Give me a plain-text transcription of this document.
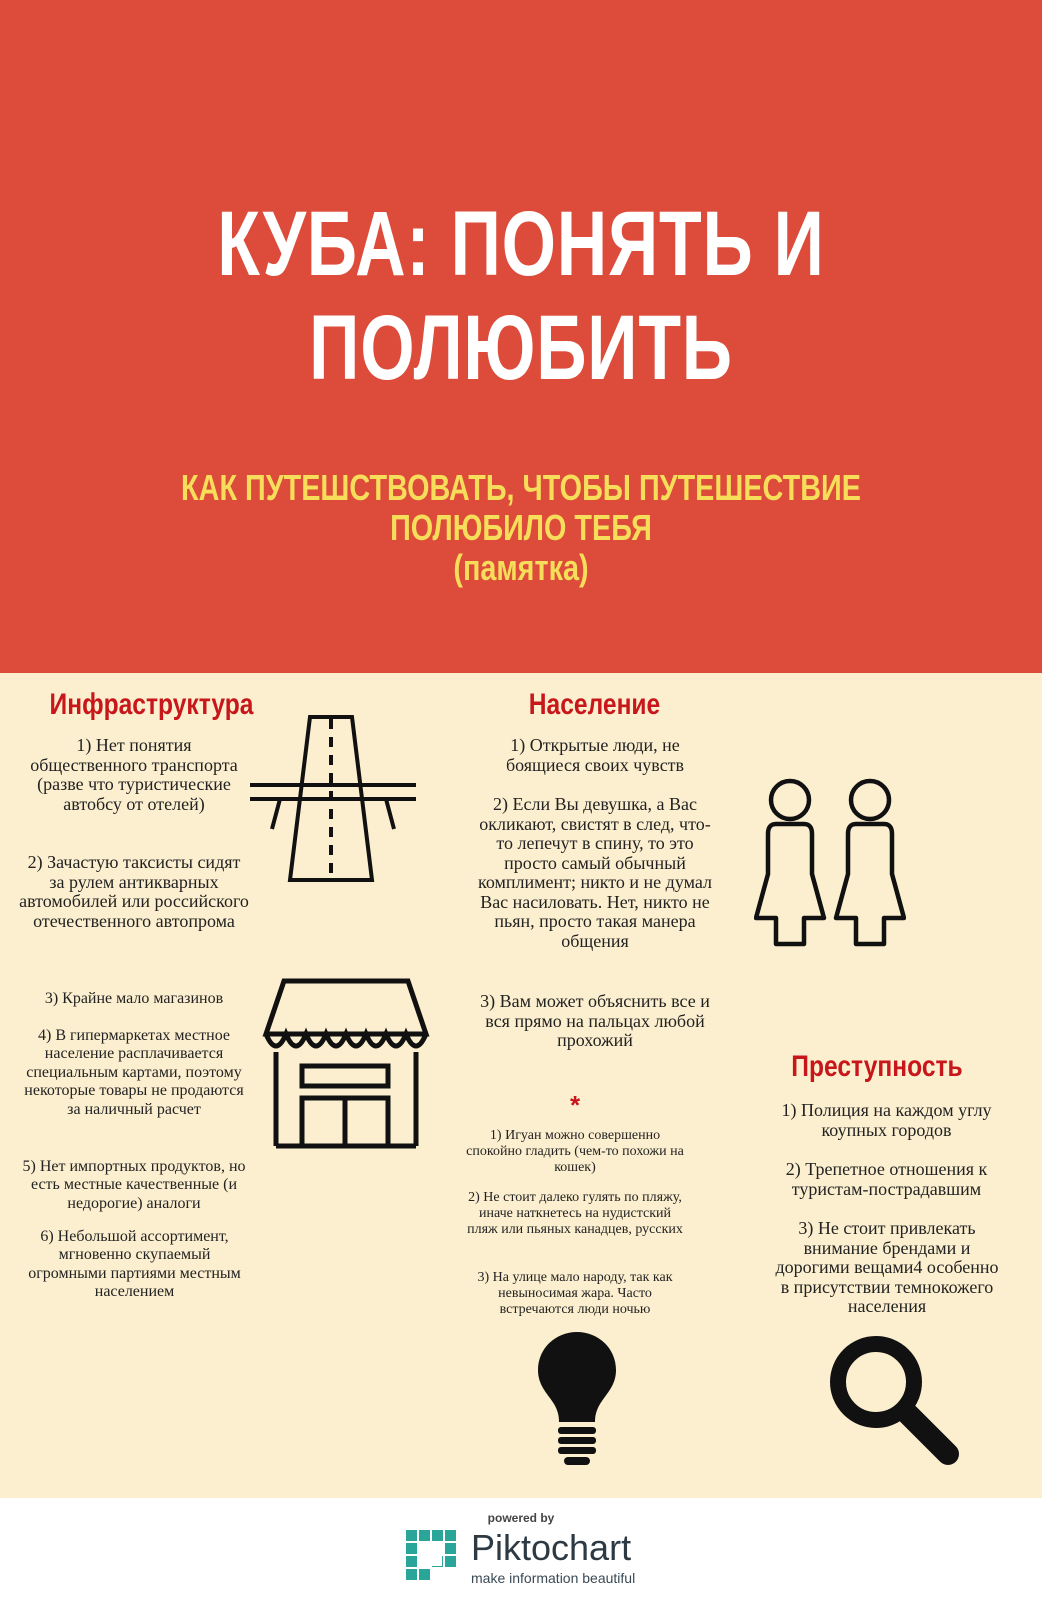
КУБА: ПОНЯТЬ И
ПОЛЮБИТЬ
КАК ПУТЕШСТВОВАТЬ, ЧТОБЫ ПУТЕШЕСТВИЕ
ПОЛЮБИЛО ТЕБЯ
(памятка)
Инфраструктура
1) Нет понятия общественного транспорта (разве что туристические автобсу от отелей)
2) Зачастую таксисты сидят за рулем антикварных автомобилей или российского отечественного автопрома
3) Крайне мало магазинов
4) В гипермаркетах местное население расплачивается специальным картами, поэтому некоторые товары не продаются за наличный расчет
5) Нет импортных продуктов, но есть местные качественные (и недорогие) аналоги
6) Небольшой ассортимент, мгновенно скупаемый огромными партиями местным населением
Население
1) Открытые люди, не боящиеся своих чувств
2) Если Вы девушка, а Вас окликают, свистят в след, что-то лепечут в спину, то это просто самый обычный комплимент; никто и не думал Вас насиловать. Нет, никто не пьян, просто такая манера общения
3) Вам может объяснить все и вся прямо на пальцах любой прохожий
*
1) Игуан можно совершенно спокойно гладить (чем-то похожи на кошек)
2) Не стоит далеко гулять по пляжу, иначе наткнетесь на нудистский пляж или пьяных канадцев, русских
3) На улице мало народу, так как невыносимая жара. Часто встречаются люди ночью
Преступность
1) Полиция на каждом углу коупных городов
2) Трепетное отношения к туристам-пострадавшим
3) Не стоит привлекать внимание брендами и дорогими вещами4 особенно в присутствии темнокожего населения
powered by
Piktochart
make information beautiful
